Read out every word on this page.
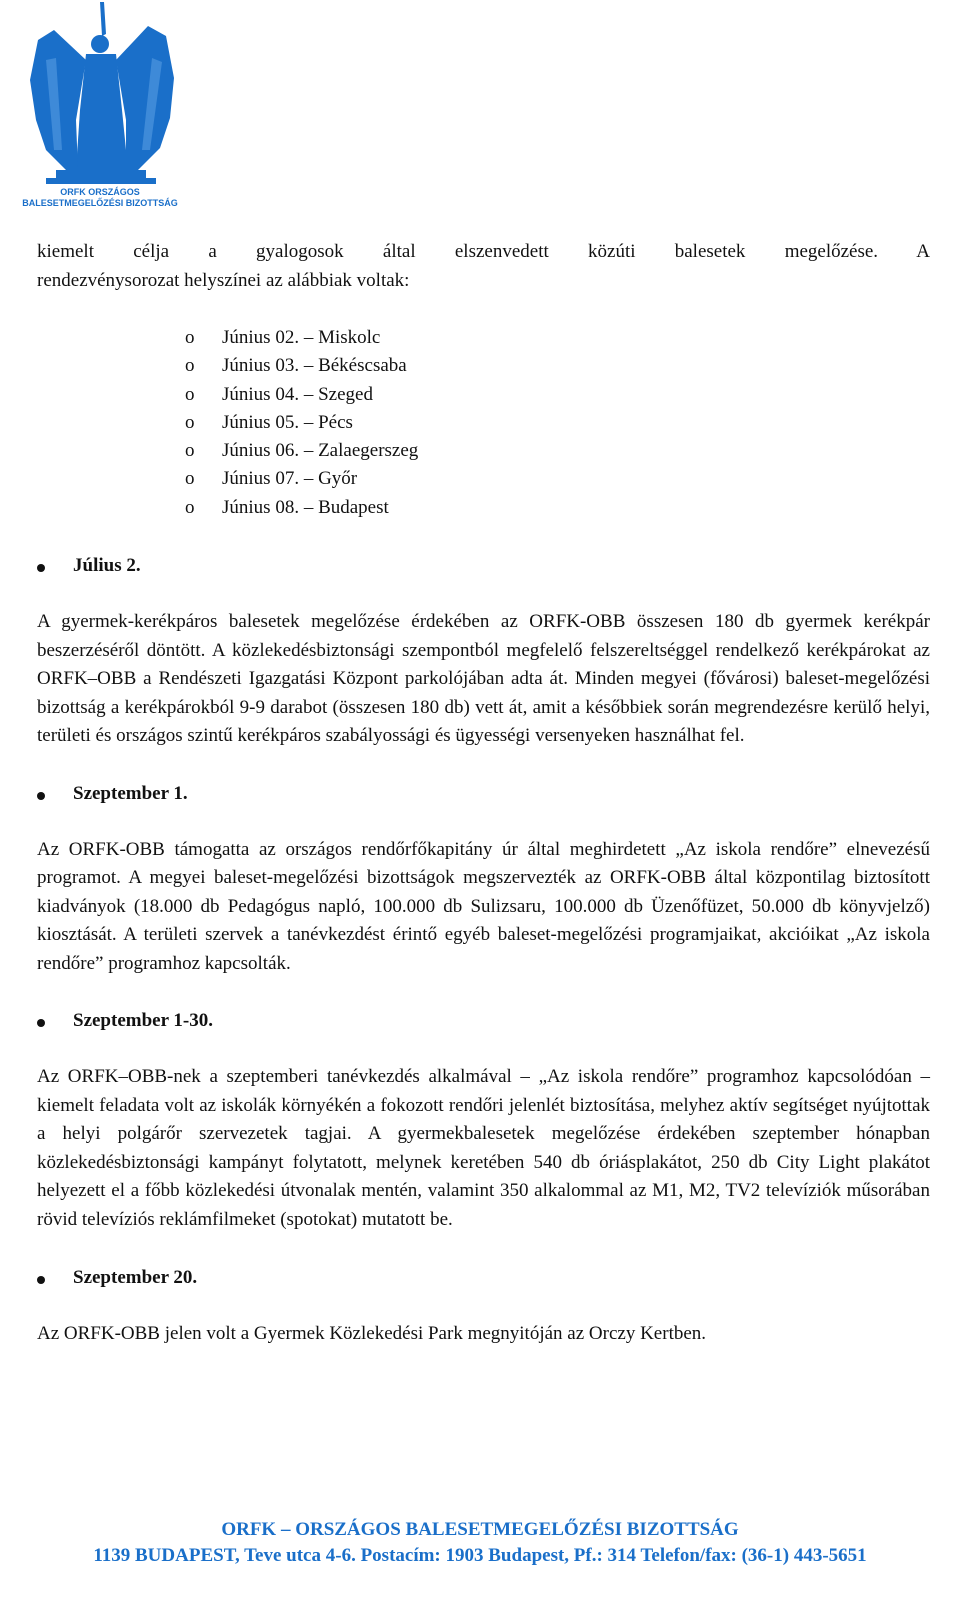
ORFK ORSZÁGOS
BALESETMEGELŐZÉSI BIZOTTSÁG

kiemelt célja a gyalogosok által elszenvedett közúti balesetek megelőzése. A

rendezvénysorozat helyszínei az alábbiak voltak:

o Június 02. – Miskolc
o Június 03. – Békéscsaba
o Június 04. – Szeged
o Június 05. – Pécs
o Június 06. – Zalaegerszeg
o Június 07. – Győr
o Június 08. – Budapest
Július 2.

A gyermek-kerékpáros balesetek megelőzése érdekében az ORFK-OBB összesen 180 db gyermek kerékpár beszerzéséről döntött. A közlekedésbiztonsági szempontból megfelelő felszereltséggel rendelkező kerékpárokat az ORFK–OBB a Rendészeti Igazgatási Központ parkolójában adta át. Minden megyei (fővárosi) baleset-megelőzési bizottság a kerékpárokból 9-9 darabot (összesen 180 db) vett át, amit a későbbiek során megrendezésre kerülő helyi, területi és országos szintű kerékpáros szabályossági és ügyességi versenyeken használhat fel.

Szeptember 1.

Az ORFK-OBB támogatta az országos rendőrfőkapitány úr által meghirdetett „Az iskola rendőre” elnevezésű programot. A megyei baleset-megelőzési bizottságok megszervezték az ORFK-OBB által központilag biztosított kiadványok (18.000 db Pedagógus napló, 100.000 db Sulizsaru, 100.000 db Üzenőfüzet, 50.000 db könyvjelző) kiosztását. A területi szervek a tanévkezdést érintő egyéb baleset-megelőzési programjaikat, akcióikat „Az iskola rendőre” programhoz kapcsolták.

Szeptember 1-30.

Az ORFK–OBB-nek a szeptemberi tanévkezdés alkalmával – „Az iskola rendőre” programhoz kapcsolódóan – kiemelt feladata volt az iskolák környékén a fokozott rendőri jelenlét biztosítása, melyhez aktív segítséget nyújtottak a helyi polgárőr szervezetek tagjai. A gyermekbalesetek megelőzése érdekében szeptember hónapban közlekedésbiztonsági kampányt folytatott, melynek keretében 540 db óriásplakátot, 250 db City Light plakátot helyezett el a főbb közlekedési útvonalak mentén, valamint 350 alkalommal az M1, M2, TV2 televíziók műsorában rövid televíziós reklámfilmeket (spotokat) mutatott be.

Szeptember 20.

Az ORFK-OBB jelen volt a Gyermek Közlekedési Park megnyitóján az Orczy Kertben.

ORFK – ORSZÁGOS BALESETMEGELŐZÉSI BIZOTTSÁG
1139 BUDAPEST, Teve utca 4-6. Postacím: 1903 Budapest, Pf.: 314 Telefon/fax: (36-1) 443-5651
